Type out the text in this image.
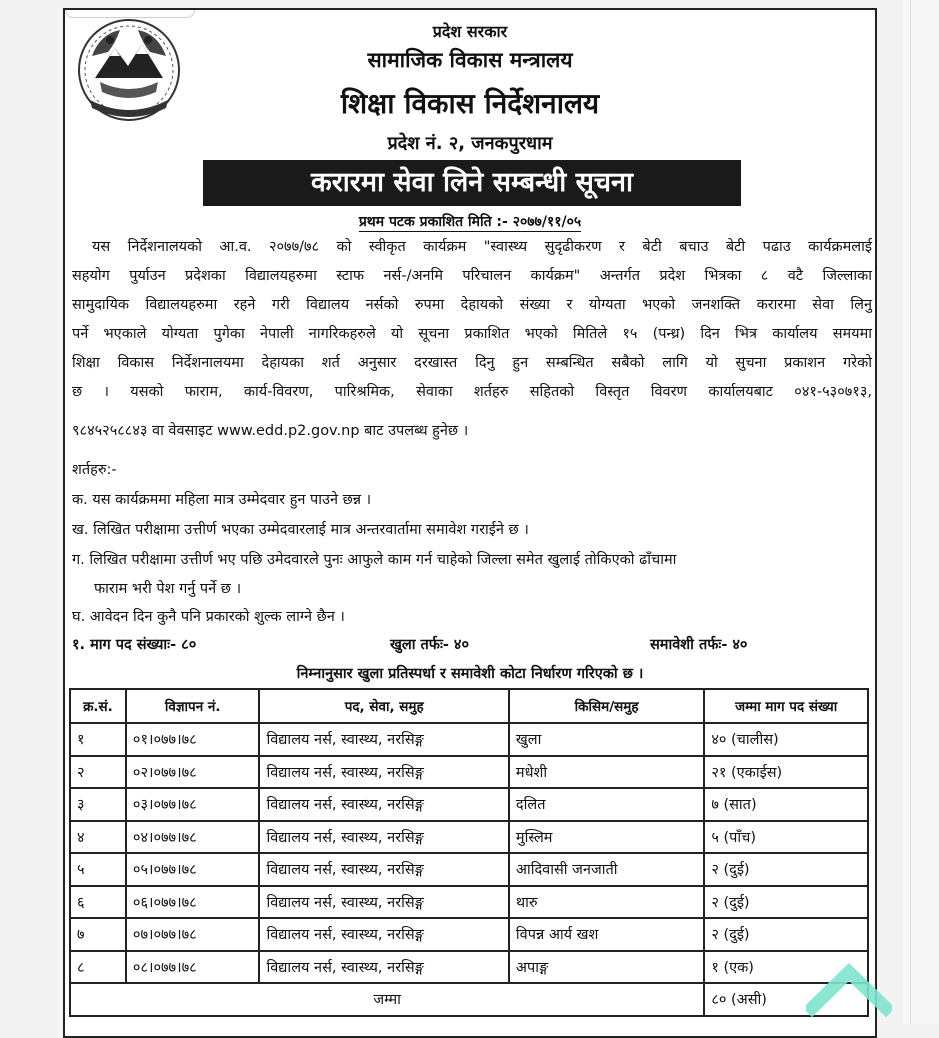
प्रदेश सरकार
सामाजिक विकास मन्त्रालय
शिक्षा विकास निर्देशनालय
प्रदेश नं. २, जनकपुरधाम
करारमा सेवा लिने सम्बन्धी सूचना
प्रथम पटक प्रकाशित मिति :- २०७७/११/०५
यस निर्देशनालयको आ.व. २०७७/७८ को स्वीकृत कार्यक्रम "स्वास्थ्य सुदृढीकरण र बेटी बचाउ बेटी पढाउ कार्यक्रमलाई
सहयोग पुर्याउन प्रदेशका विद्यालयहरुमा स्टाफ नर्स-/अनमि परिचालन कार्यक्रम" अन्तर्गत प्रदेश भित्रका ८ वटै जिल्लाका
सामुदायिक विद्यालयहरुमा रहने गरी विद्यालय नर्सको रुपमा देहायको संख्या र योग्यता भएको जनशक्ति करारमा सेवा लिनु
पर्ने भएकाले योग्यता पुगेका नेपाली नागरिकहरुले यो सूचना प्रकाशित भएको मितिले १५ (पन्ध्र) दिन भित्र कार्यालय समयमा
शिक्षा विकास निर्देशनालयमा देहायका शर्त अनुसार दरखास्त दिनु हुन सम्बन्धित सबैको लागि यो सुचना प्रकाशन गरेको
छ । यसको फाराम, कार्य-विवरण, पारिश्रमिक, सेवाका शर्तहरु सहितको विस्तृत विवरण कार्यालयबाट ०४१-५३०७१३,
९८४५२५८८४३ वा वेवसाइट www.edd.p2.gov.np बाट उपलब्ध हुनेछ ।
शर्तहरु:-
क. यस कार्यक्रममा महिला मात्र उम्मेदवार हुन पाउने छन्न ।
ख. लिखित परीक्षामा उत्तीर्ण भएका उम्मेदवारलाई मात्र अन्तरवार्तामा समावेश गराईने छ ।
ग. लिखित परीक्षामा उत्तीर्ण भए पछि उमेदवारले पुनः आफुले काम गर्न चाहेको जिल्ला समेत खुलाई तोकिएको ढाँचामा
फाराम भरी पेश गर्नु पर्ने छ ।
घ. आवेदन दिन कुनै पनि प्रकारको शुल्क लाग्ने छैन ।
१. माग पद संख्याः- ८०	खुला तर्फः- ४०	समावेशी तर्फः- ४०
निम्नानुसार खुला प्रतिस्पर्धा र समावेशी कोटा निर्धारण गरिएको छ ।
क्र.सं.	विज्ञापन नं.	पद, सेवा, समुह	किसिम/समुह	जम्मा माग पद संख्या
१	०१।०७७।७८	विद्यालय नर्स, स्वास्थ्य, नरसिङ्ग	खुला	४० (चालीस)
२	०२।०७७।७८	विद्यालय नर्स, स्वास्थ्य, नरसिङ्ग	मधेशी	२१ (एकाईस)
३	०३।०७७।७८	विद्यालय नर्स, स्वास्थ्य, नरसिङ्ग	दलित	७ (सात)
४	०४।०७७।७८	विद्यालय नर्स, स्वास्थ्य, नरसिङ्ग	मुस्लिम	५ (पाँच)
५	०५।०७७।७८	विद्यालय नर्स, स्वास्थ्य, नरसिङ्ग	आदिवासी जनजाती	२ (दुई)
६	०६।०७७।७८	विद्यालय नर्स, स्वास्थ्य, नरसिङ्ग	थारु	२ (दुई)
७	०७।०७७।७८	विद्यालय नर्स, स्वास्थ्य, नरसिङ्ग	विपन्न आर्य खश	२ (दुई)
८	०८।०७७।७८	विद्यालय नर्स, स्वास्थ्य, नरसिङ्ग	अपाङ्ग	१ (एक)
जम्मा				८० (असी)
